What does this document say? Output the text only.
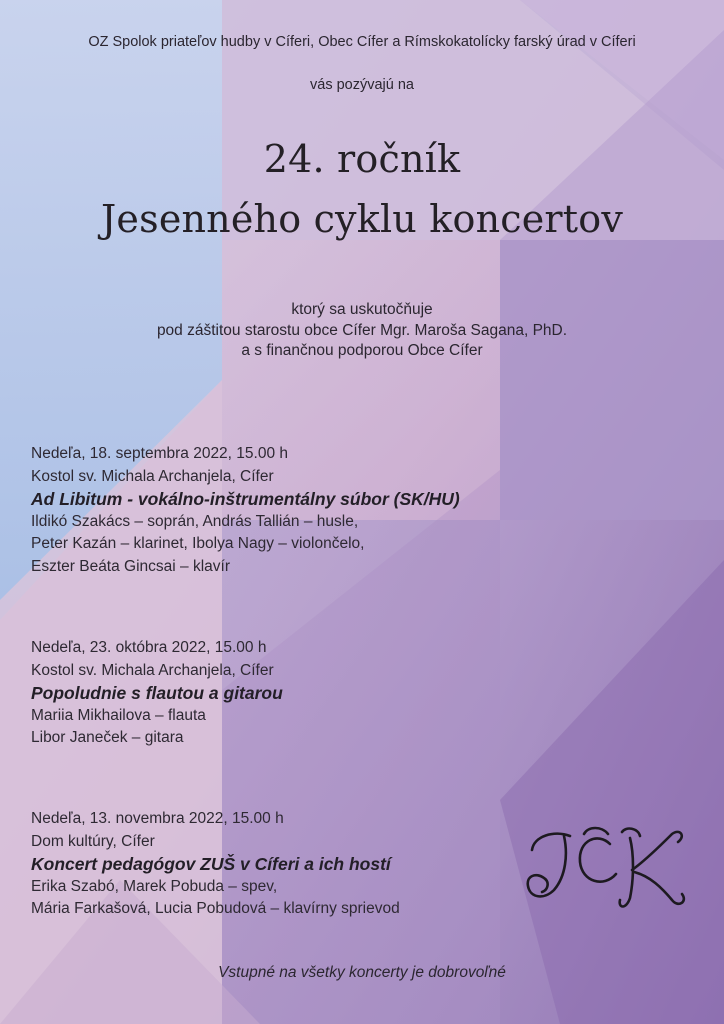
OZ Spolok priateľov hudby v Cíferi, Obec Cífer a Rímskokatolícky farský úrad v Cíferi
vás pozývajú na
24. ročník
Jesenného cyklu koncertov
ktorý sa uskutočňuje
pod záštitou starostu obce Cífer Mgr. Maroša Sagana, PhD.
a s finančnou podporou Obce Cífer
Nedeľa, 18. septembra 2022, 15.00 h
Kostol sv. Michala Archanjela, Cífer
Ad Libitum - vokálno-inštrumentálny súbor (SK/HU)
Ildikó Szakács – soprán, András Tallián – husle,
Peter Kazán – klarinet, Ibolya Nagy – violončelo,
Eszter Beáta Gincsai – klavír
Nedeľa, 23. októbra 2022, 15.00 h
Kostol sv. Michala Archanjela, Cífer
Popoludnie s flautou a gitarou
Mariia Mikhailova – flauta
Libor Janeček – gitara
Nedeľa, 13. novembra 2022, 15.00 h
Dom kultúry, Cífer
Koncert pedagógov ZUŠ v Cíferi a ich hostí
Erika Szabó, Marek Pobuda – spev,
Mária Farkašová, Lucia Pobudová – klavírny sprievod
Vstupné na všetky koncerty je dobrovoľné
